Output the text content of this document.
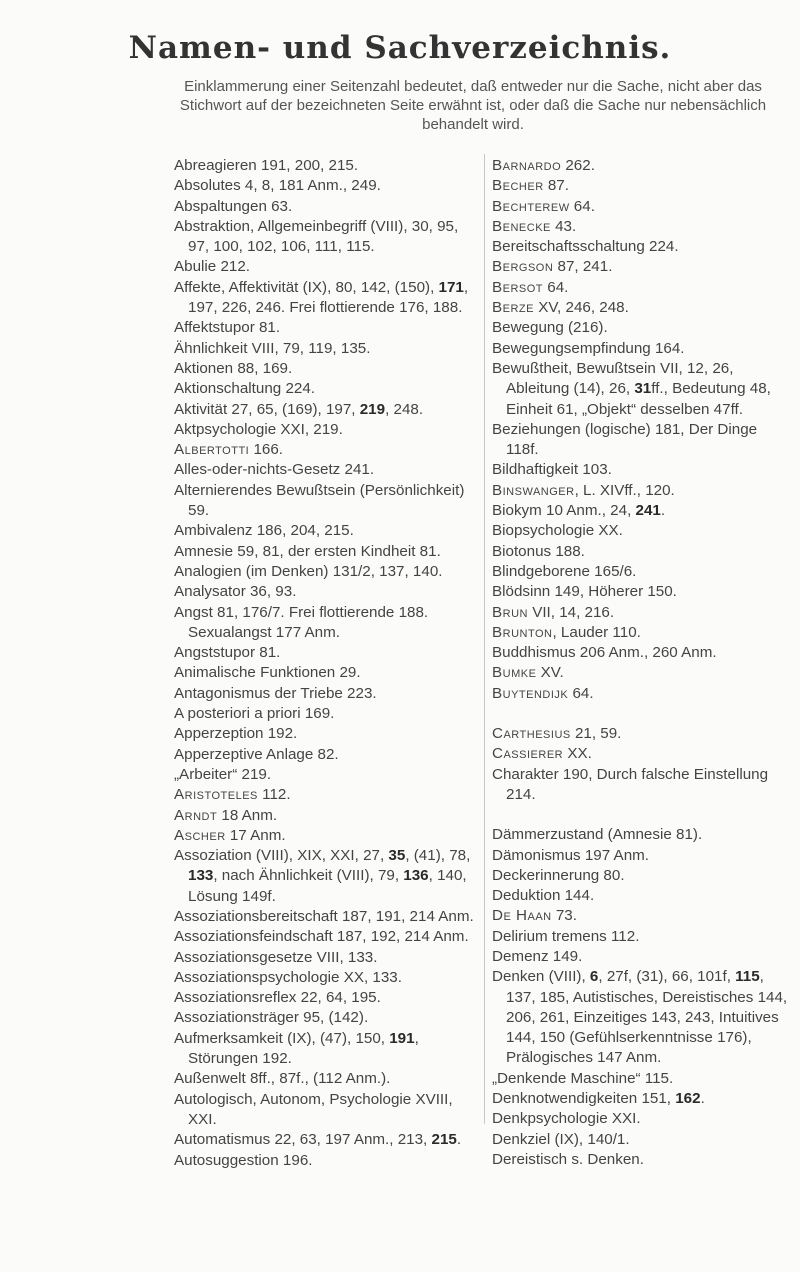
Namen- und Sachverzeichnis.
Einklammerung einer Seitenzahl bedeutet, daß entweder nur die Sache, nicht aber das Stichwort auf der bezeichneten Seite erwähnt ist, oder daß die Sache nur nebensächlich behandelt wird.

Abreagieren 191, 200, 215.

Absolutes 4, 8, 181 Anm., 249.

Abspaltungen 63.

Abstraktion, Allgemeinbegriff (VIII), 30, 95, 97, 100, 102, 106, 111, 115.

Abulie 212.

Affekte, Affektivität (IX), 80, 142, (150), 171, 197, 226, 246. Frei flottierende 176, 188.

Affektstupor 81.

Ähnlichkeit VIII, 79, 119, 135.

Aktionen 88, 169.

Aktionschaltung 224.

Aktivität 27, 65, (169), 197, 219, 248.

Aktpsychologie XXI, 219.

Albertotti 166.

Alles-oder-nichts-Gesetz 241.

Alternierendes Bewußtsein (Persönlichkeit) 59.

Ambivalenz 186, 204, 215.

Amnesie 59, 81, der ersten Kindheit 81.

Analogien (im Denken) 131/2, 137, 140.

Analysator 36, 93.

Angst 81, 176/7. Frei flottierende 188. Sexualangst 177 Anm.

Angststupor 81.

Animalische Funktionen 29.

Antagonismus der Triebe 223.

A posteriori a priori 169.

Apperzeption 192.

Apperzeptive Anlage 82.

„Arbeiter“ 219.

Aristoteles 112.

Arndt 18 Anm.

Ascher 17 Anm.

Assoziation (VIII), XIX, XXI, 27, 35, (41), 78, 133, nach Ähnlichkeit (VIII), 79, 136, 140, Lösung 149f.

Assoziationsbereitschaft 187, 191, 214 Anm.

Assoziationsfeindschaft 187, 192, 214 Anm.

Assoziationsgesetze VIII, 133.

Assoziationspsychologie XX, 133.

Assoziationsreflex 22, 64, 195.

Assoziationsträger 95, (142).

Aufmerksamkeit (IX), (47), 150, 191, Störungen 192.

Außenwelt 8ff., 87f., (112 Anm.).

Autologisch, Autonom, Psychologie XVIII, XXI.

Automatismus 22, 63, 197 Anm., 213, 215.

Autosuggestion 196.

Barnardo 262.

Becher 87.

Bechterew 64.

Benecke 43.

Bereitschaftsschaltung 224.

Bergson 87, 241.

Bersot 64.

Berze XV, 246, 248.

Bewegung (216).

Bewegungsempfindung 164.

Bewußtheit, Bewußtsein VII, 12, 26, Ableitung (14), 26, 31ff., Bedeutung 48, Einheit 61, „Objekt“ desselben 47ff.

Beziehungen (logische) 181, Der Dinge 118f.

Bildhaftigkeit 103.

Binswanger, L. XIVff., 120.

Biokym 10 Anm., 24, 241.

Biopsychologie XX.

Biotonus 188.

Blindgeborene 165/6.

Blödsinn 149, Höherer 150.

Brun VII, 14, 216.

Brunton, Lauder 110.

Buddhismus 206 Anm., 260 Anm.

Bumke XV.

Buytendijk 64.

Carthesius 21, 59.

Cassierer XX.

Charakter 190, Durch falsche Einstellung 214.

Dämmerzustand (Amnesie 81).

Dämonismus 197 Anm.

Deckerinnerung 80.

Deduktion 144.

De Haan 73.

Delirium tremens 112.

Demenz 149.

Denken (VIII), 6, 27f, (31), 66, 101f, 115, 137, 185, Autistisches, Dereistisches 144, 206, 261, Einzeitiges 143, 243, Intuitives 144, 150 (Gefühlserkenntnisse 176), Prälogisches 147 Anm.

„Denkende Maschine“ 115.

Denknotwendigkeiten 151, 162.

Denkpsychologie XXI.

Denkziel (IX), 140/1.

Dereistisch s. Denken.
